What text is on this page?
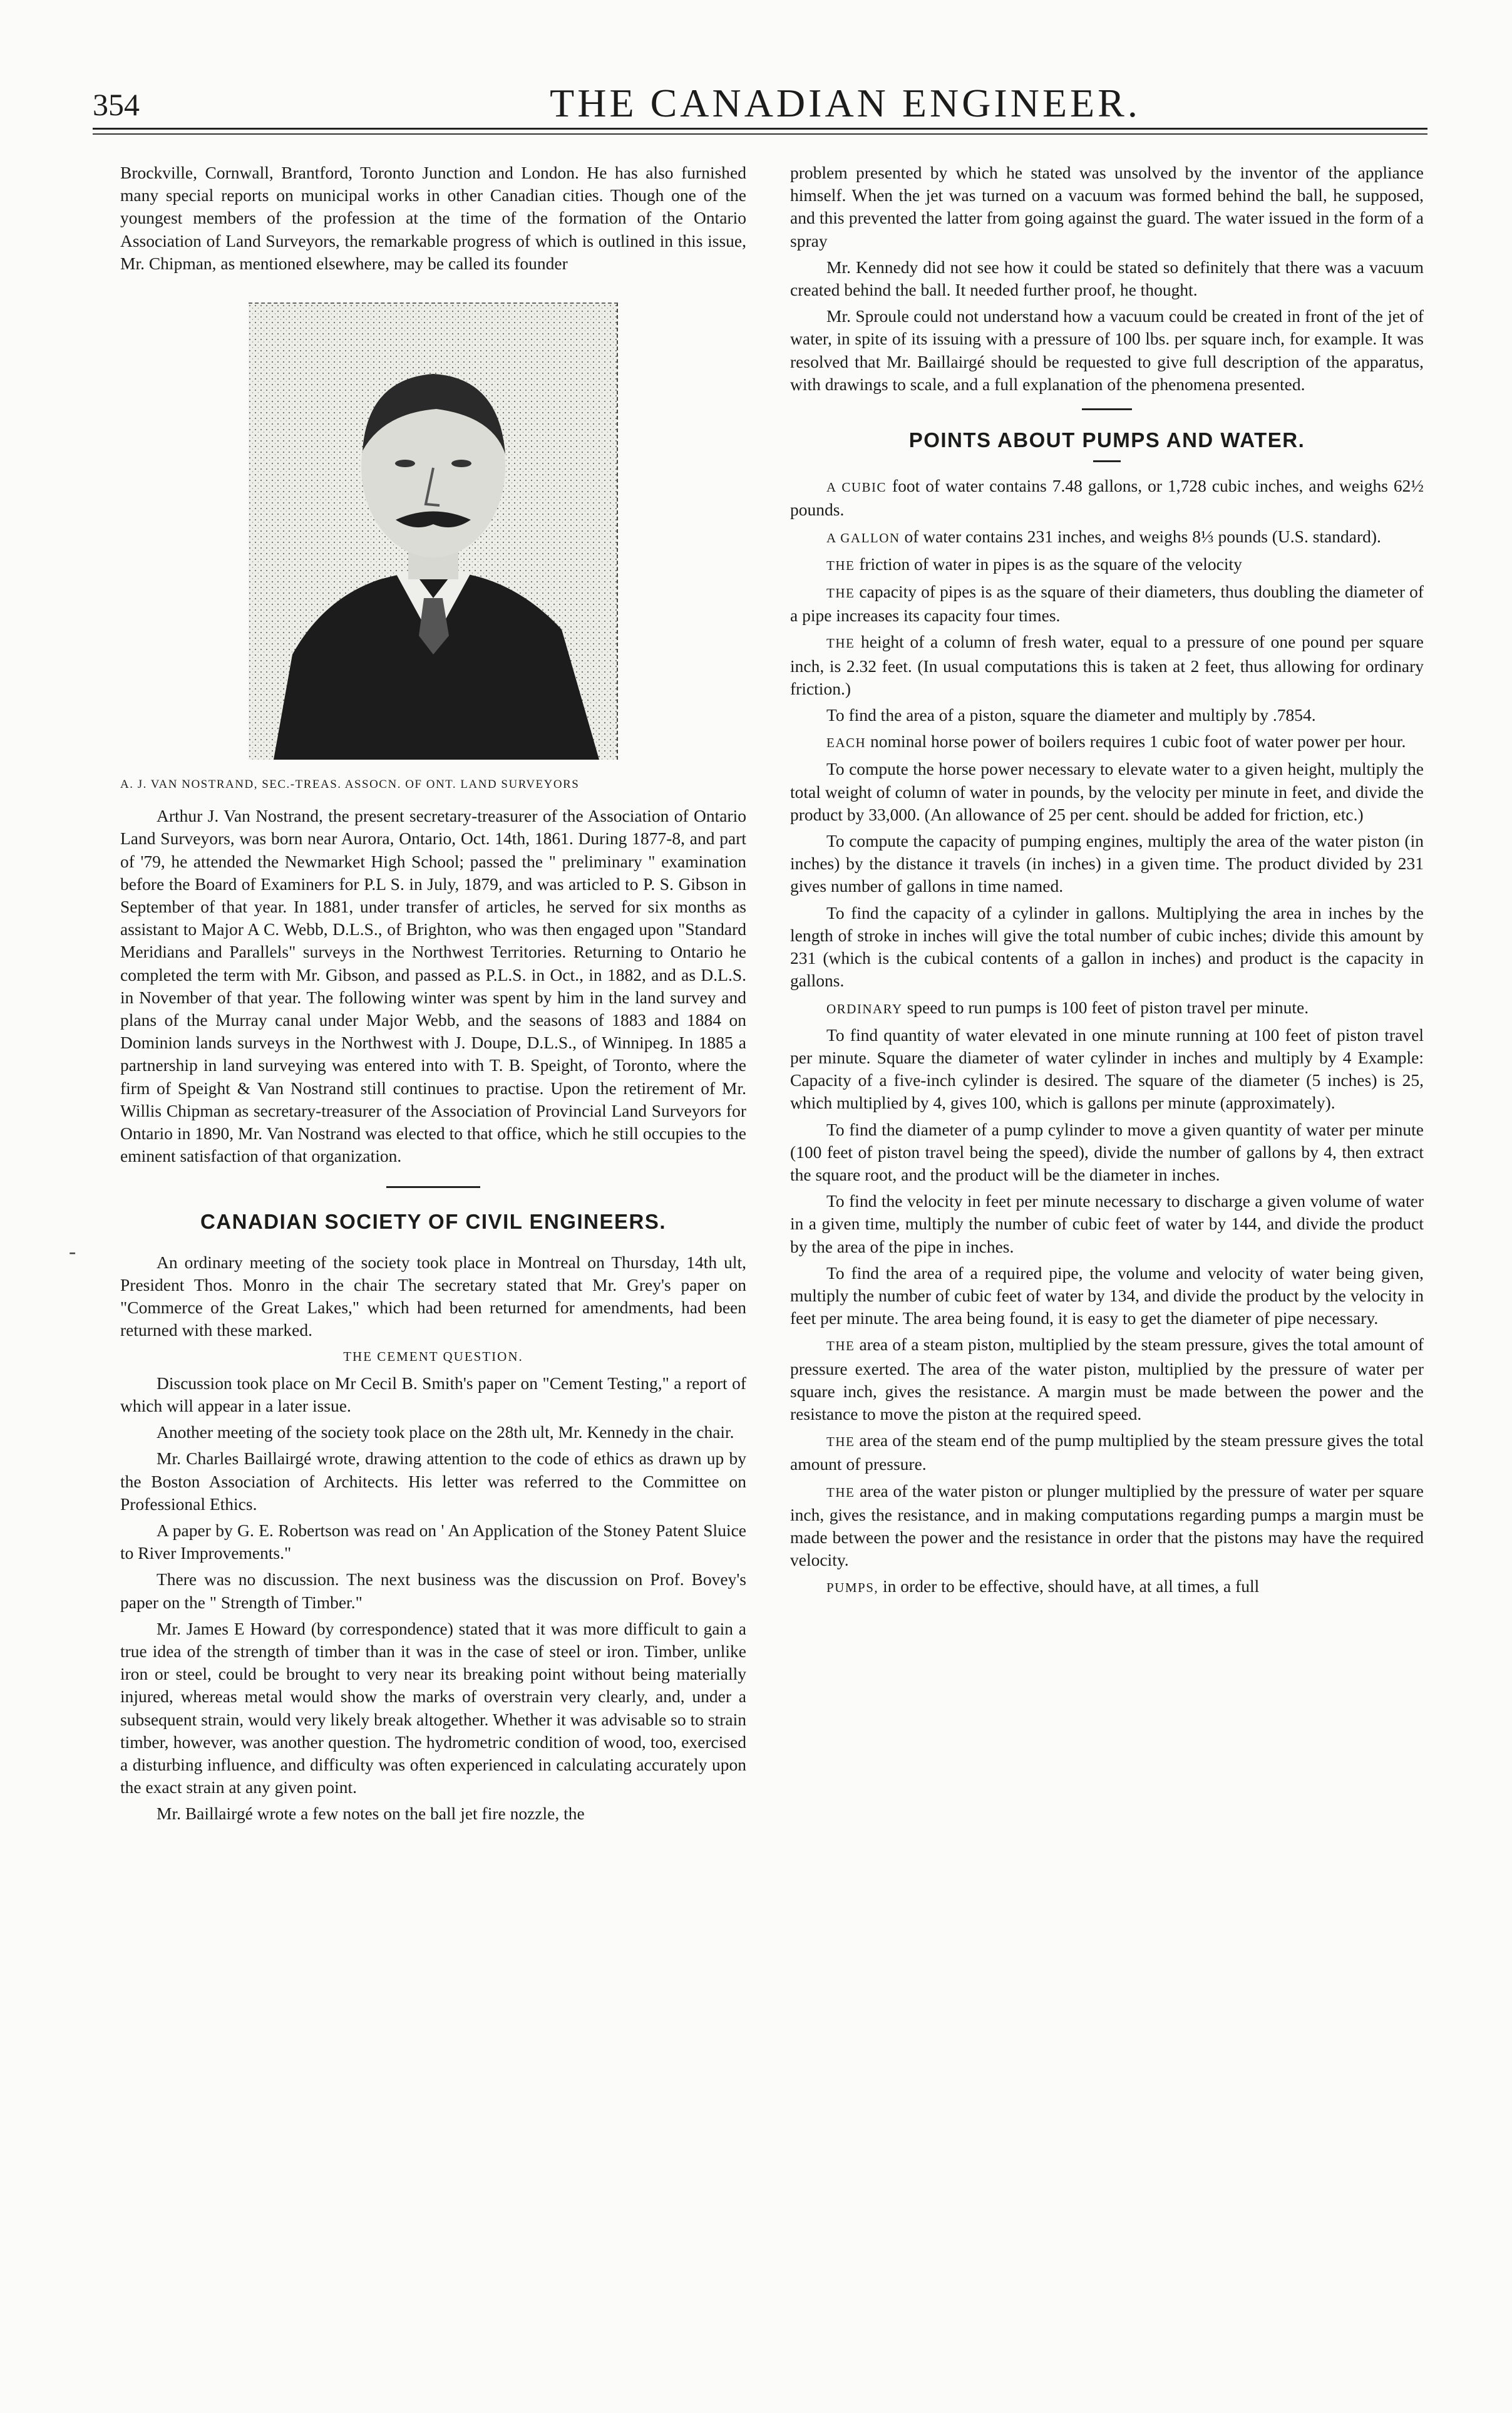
354	THE CANADIAN ENGINEER.

Brockville, Cornwall, Brantford, Toronto Junction and London. He has also furnished many special reports on municipal works in other Canadian cities. Though one of the youngest members of the profession at the time of the formation of the Ontario Association of Land Surveyors, the remarkable progress of which is outlined in this issue, Mr. Chipman, as mentioned elsewhere, may be called its founder

A. J. VAN NOSTRAND, SEC.-TREAS. ASSOCN. OF ONT. LAND SURVEYORS

Arthur J. Van Nostrand, the present secretary-treasurer of the Association of Ontario Land Surveyors, was born near Aurora, Ontario, Oct. 14th, 1861. During 1877-8, and part of '79, he attended the Newmarket High School; passed the " preliminary " examination before the Board of Examiners for P.L S. in July, 1879, and was articled to P. S. Gibson in September of that year. In 1881, under transfer of articles, he served for six months as assistant to Major A C. Webb, D.L.S., of Brighton, who was then engaged upon "Standard Meridians and Parallels" surveys in the Northwest Territories. Returning to Ontario he completed the term with Mr. Gibson, and passed as P.L.S. in Oct., in 1882, and as D.L.S. in November of that year. The following winter was spent by him in the land survey and plans of the Murray canal under Major Webb, and the seasons of 1883 and 1884 on Dominion lands surveys in the Northwest with J. Doupe, D.L.S., of Winnipeg. In 1885 a partnership in land surveying was entered into with T. B. Speight, of Toronto, where the firm of Speight & Van Nostrand still continues to practise. Upon the retirement of Mr. Willis Chipman as secretary-treasurer of the Association of Provincial Land Surveyors for Ontario in 1890, Mr. Van Nostrand was elected to that office, which he still occupies to the eminent satisfaction of that organization.

CANADIAN SOCIETY OF CIVIL ENGINEERS.

An ordinary meeting of the society took place in Montreal on Thursday, 14th ult, President Thos. Monro in the chair The secretary stated that Mr. Grey's paper on "Commerce of the Great Lakes," which had been returned for amendments, had been returned with these marked.

THE CEMENT QUESTION.

Discussion took place on Mr Cecil B. Smith's paper on "Cement Testing," a report of which will appear in a later issue.

Another meeting of the society took place on the 28th ult, Mr. Kennedy in the chair.

Mr. Charles Baillairgé wrote, drawing attention to the code of ethics as drawn up by the Boston Association of Architects. His letter was referred to the Committee on Professional Ethics.

A paper by G. E. Robertson was read on ' An Application of the Stoney Patent Sluice to River Improvements."

There was no discussion. The next business was the discussion on Prof. Bovey's paper on the " Strength of Timber."

Mr. James E Howard (by correspondence) stated that it was more difficult to gain a true idea of the strength of timber than it was in the case of steel or iron. Timber, unlike iron or steel, could be brought to very near its breaking point without being materially injured, whereas metal would show the marks of overstrain very clearly, and, under a subsequent strain, would very likely break altogether. Whether it was advisable so to strain timber, however, was another question. The hydrometric condition of wood, too, exercised a disturbing influence, and difficulty was often experienced in calculating accurately upon the exact strain at any given point.

Mr. Baillairgé wrote a few notes on the ball jet fire nozzle, the

problem presented by which he stated was unsolved by the inventor of the appliance himself. When the jet was turned on a vacuum was formed behind the ball, he supposed, and this prevented the latter from going against the guard. The water issued in the form of a spray

Mr. Kennedy did not see how it could be stated so definitely that there was a vacuum created behind the ball. It needed further proof, he thought.

Mr. Sproule could not understand how a vacuum could be created in front of the jet of water, in spite of its issuing with a pressure of 100 lbs. per square inch, for example. It was resolved that Mr. Baillairgé should be requested to give full description of the apparatus, with drawings to scale, and a full explanation of the phenomena presented.

POINTS ABOUT PUMPS AND WATER.

A CUBIC foot of water contains 7.48 gallons, or 1,728 cubic inches, and weighs 62½ pounds.

A GALLON of water contains 231 inches, and weighs 8⅓ pounds (U.S. standard).

THE friction of water in pipes is as the square of the velocity

THE capacity of pipes is as the square of their diameters, thus doubling the diameter of a pipe increases its capacity four times.

THE height of a column of fresh water, equal to a pressure of one pound per square inch, is 2.32 feet. (In usual computations this is taken at 2 feet, thus allowing for ordinary friction.)

To find the area of a piston, square the diameter and multiply by .7854.

EACH nominal horse power of boilers requires 1 cubic foot of water power per hour.

To compute the horse power necessary to elevate water to a given height, multiply the total weight of column of water in pounds, by the velocity per minute in feet, and divide the product by 33,000. (An allowance of 25 per cent. should be added for friction, etc.)

To compute the capacity of pumping engines, multiply the area of the water piston (in inches) by the distance it travels (in inches) in a given time. The product divided by 231 gives number of gallons in time named.

To find the capacity of a cylinder in gallons. Multiplying the area in inches by the length of stroke in inches will give the total number of cubic inches; divide this amount by 231 (which is the cubical contents of a gallon in inches) and product is the capacity in gallons.

ORDINARY speed to run pumps is 100 feet of piston travel per minute.

To find quantity of water elevated in one minute running at 100 feet of piston travel per minute. Square the diameter of water cylinder in inches and multiply by 4 Example: Capacity of a five-inch cylinder is desired. The square of the diameter (5 inches) is 25, which multiplied by 4, gives 100, which is gallons per minute (approximately).

To find the diameter of a pump cylinder to move a given quantity of water per minute (100 feet of piston travel being the speed), divide the number of gallons by 4, then extract the square root, and the product will be the diameter in inches.

To find the velocity in feet per minute necessary to discharge a given volume of water in a given time, multiply the number of cubic feet of water by 144, and divide the product by the area of the pipe in inches.

To find the area of a required pipe, the volume and velocity of water being given, multiply the number of cubic feet of water by 134, and divide the product by the velocity in feet per minute. The area being found, it is easy to get the diameter of pipe necessary.

THE area of a steam piston, multiplied by the steam pressure, gives the total amount of pressure exerted. The area of the water piston, multiplied by the pressure of water per square inch, gives the resistance. A margin must be made between the power and the resistance to move the piston at the required speed.

THE area of the steam end of the pump multiplied by the steam pressure gives the total amount of pressure.

THE area of the water piston or plunger multiplied by the pressure of water per square inch, gives the resistance, and in making computations regarding pumps a margin must be made between the power and the resistance in order that the pistons may have the required velocity.

PUMPS, in order to be effective, should have, at all times, a full

-
